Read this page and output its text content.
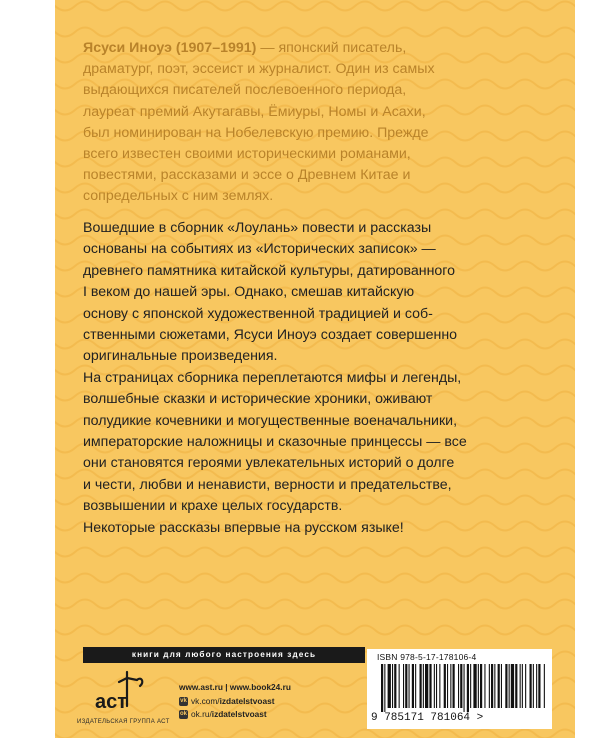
Ясуси Иноуэ (1907–1991) — японский писатель,
драматург, поэт, эссеист и журналист. Один из самых
выдающихся писателей послевоенного периода,
лауреат премий Акутагавы, Ёмиуры, Номы и Асахи,
был номинирован на Нобелевскую премию. Прежде
всего известен своими историческими романами,
повестями, рассказами и эссе о Древнем Китае и
сопредельных с ним землях.

Вошедшие в сборник «Лоулань» повести и рассказы
основаны на событиях из «Исторических записок» —
древнего памятника китайской культуры, датированного
I веком до нашей эры. Однако, смешав китайскую
основу с японской художественной традицией и соб-
ственными сюжетами, Ясуси Иноуэ создает совершенно
оригинальные произведения.

На страницах сборника переплетаются мифы и легенды,
волшебные сказки и исторические хроники, оживают
полудикие кочевники и могущественные военачальники,
императорские наложницы и сказочные принцессы — все
они становятся героями увлекательных историй о долге
и чести, любви и ненависти, верности и предательстве,
возвышении и крахе целых государств.

Некоторые рассказы впервые на русском языке!

книги для любого настроения здесь
аст
ИЗДАТЕЛЬСКАЯ ГРУППА АСТ
www.ast.ru | www.book24.ru
vk vk.com/ izdatelstvoast
ok ok.ru/ izdatelstvoast
ISBN 978-5-17-178106-4
9 785171 781064 >
